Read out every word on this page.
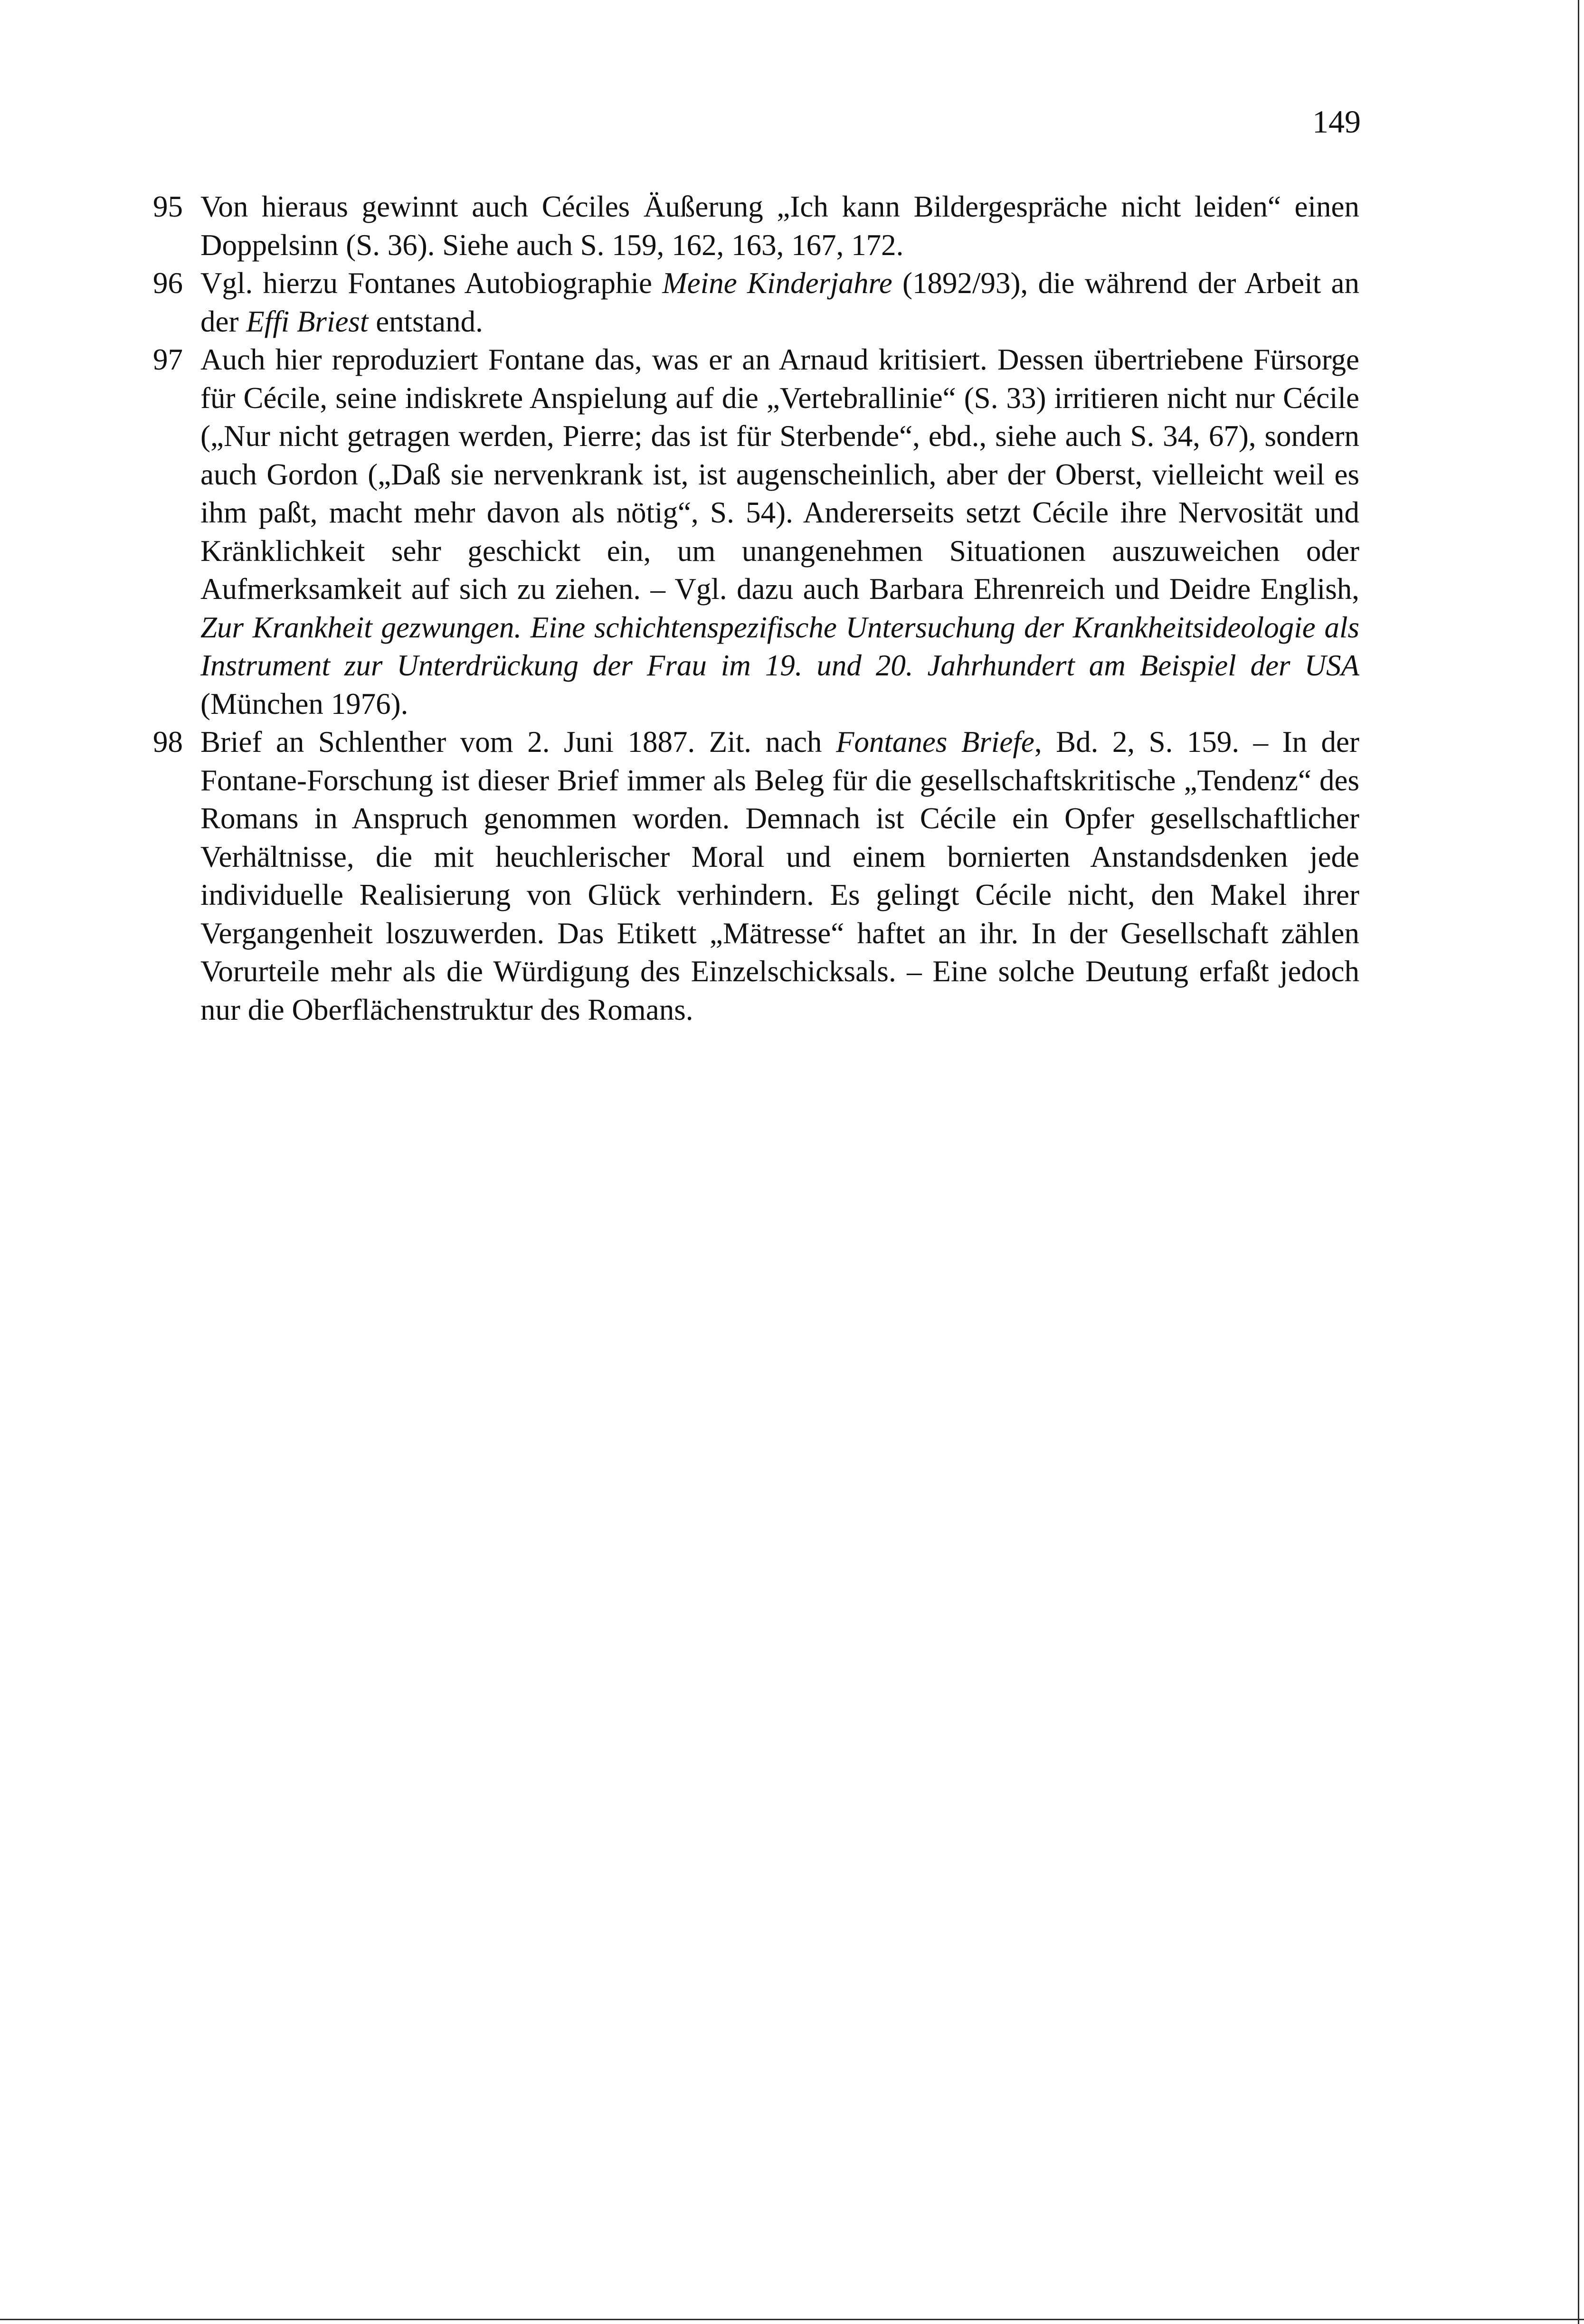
149

95 Von hieraus gewinnt auch Céciles Äußerung „Ich kann Bildergespräche nicht leiden“ einen Doppelsinn (S. 36). Siehe auch S. 159, 162, 163, 167, 172.

96 Vgl. hierzu Fontanes Autobiographie Meine Kinderjahre (1892/93), die während der Arbeit an der Effi Briest entstand.

97 Auch hier reproduziert Fontane das, was er an Arnaud kritisiert. Dessen übertriebene Fürsorge für Cécile, seine indiskrete Anspielung auf die „Vertebrallinie“ (S. 33) irritieren nicht nur Cécile („Nur nicht getragen werden, Pierre; das ist für Sterbende“, ebd., siehe auch S. 34, 67), sondern auch Gordon („Daß sie nervenkrank ist, ist augenscheinlich, aber der Oberst, vielleicht weil es ihm paßt, macht mehr davon als nötig“, S. 54). Andererseits setzt Cécile ihre Nervosität und Kränklichkeit sehr geschickt ein, um unangenehmen Situationen auszuweichen oder Aufmerksamkeit auf sich zu ziehen. – Vgl. dazu auch Barbara Ehrenreich und Deidre English, Zur Krankheit gezwungen. Eine schichtenspezifische Untersuchung der Krankheitsideologie als Instrument zur Unterdrückung der Frau im 19. und 20. Jahrhundert am Beispiel der USA (München 1976).

98 Brief an Schlenther vom 2. Juni 1887. Zit. nach Fontanes Briefe, Bd. 2, S. 159. – In der Fontane-Forschung ist dieser Brief immer als Beleg für die gesellschaftskritische „Tendenz“ des Romans in Anspruch genommen worden. Demnach ist Cécile ein Opfer gesellschaftlicher Verhältnisse, die mit heuchlerischer Moral und einem bornierten Anstandsdenken jede individuelle Realisierung von Glück verhindern. Es gelingt Cécile nicht, den Makel ihrer Vergangenheit loszuwerden. Das Etikett „Mätresse“ haftet an ihr. In der Gesellschaft zählen Vorurteile mehr als die Würdigung des Einzelschicksals. – Eine solche Deutung erfaßt jedoch nur die Oberflächenstruktur des Romans.
